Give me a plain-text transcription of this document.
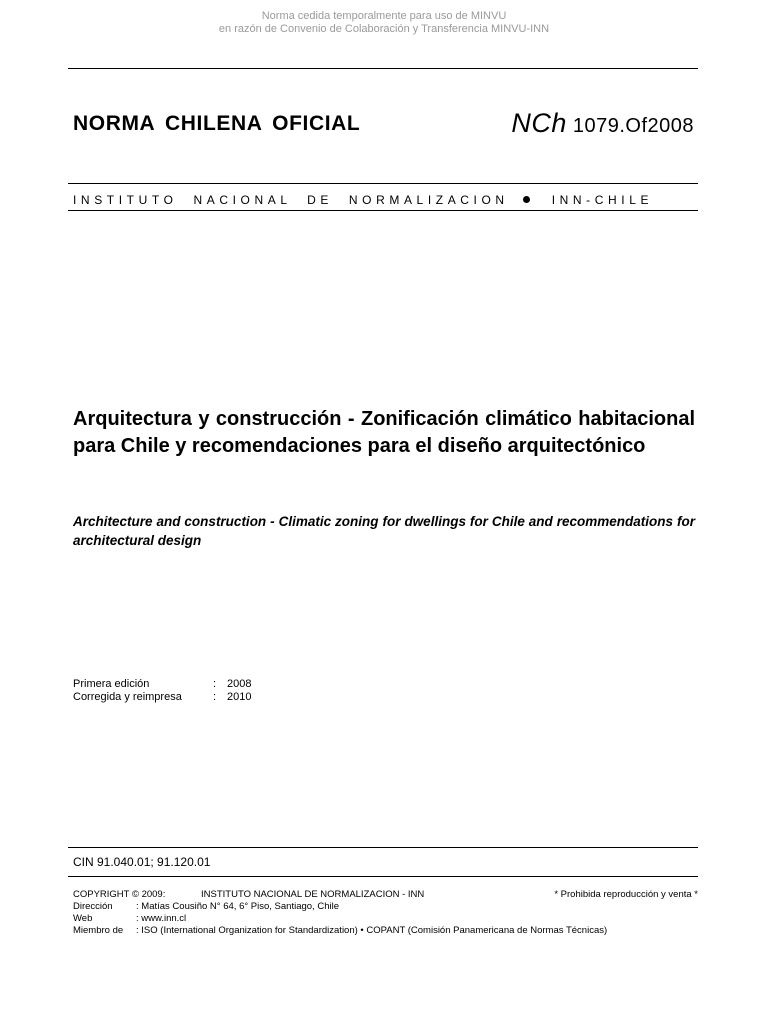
Norma cedida temporalmente para uso de MINVU
en razón de Convenio de Colaboración y Transferencia MINVU-INN
NORMA CHILENA OFICIAL	NCh 1079.Of2008
INSTITUTO NACIONAL DE NORMALIZACION	INN-CHILE
Arquitectura y construcción - Zonificación climático habitacional para Chile y recomendaciones para el diseño arquitectónico
Architecture and construction - Climatic zoning for dwellings for Chile and recommendations for architectural design
Primera edición	: 2008
Corregida y reimpresa	: 2010
CIN 91.040.01; 91.120.01
COPYRIGHT © 2009:	INSTITUTO NACIONAL DE NORMALIZACION - INN	* Prohibida reproducción y venta *
Dirección	: Matías Cousiño N° 64, 6° Piso, Santiago, Chile
Web	: www.inn.cl
Miembro de	: ISO (International Organization for Standardization) • COPANT (Comisión Panamericana de Normas Técnicas)
